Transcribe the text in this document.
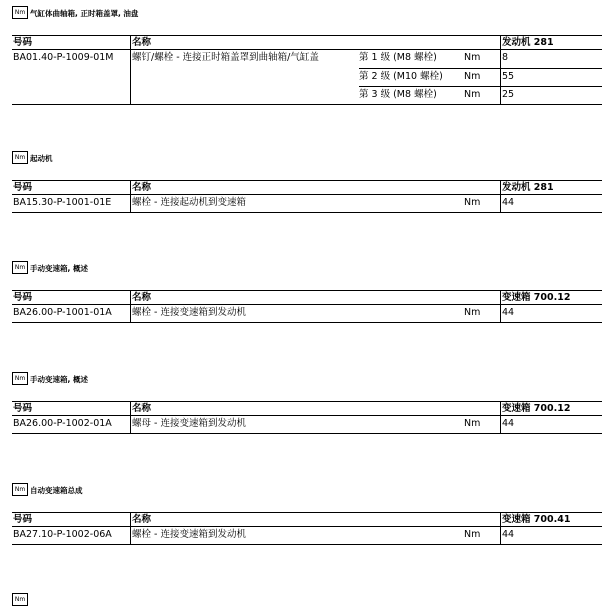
Nm 气缸体曲轴箱, 正时箱盖罩, 油盘
号码	名称	发动机 281
BA01.40-P-1009-01M 螺钉/螺栓 - 连接正时箱盖罩到曲轴箱/气缸盖	第 1 级 (M8 螺栓)	Nm 8
第 2 级 (M10 螺栓) Nm 55
第 3 级 (M8 螺栓)	Nm 25
Nm 起动机
号码	名称	发动机 281
BA15.30-P-1001-01E 螺栓 - 连接起动机到变速箱	Nm 44
Nm 手动变速箱, 概述
号码	名称	变速箱 700.12
BA26.00-P-1001-01A 螺栓 - 连接变速箱到发动机	Nm 44
Nm 手动变速箱, 概述
号码	名称	变速箱 700.12
BA26.00-P-1002-01A 螺母 - 连接变速箱到发动机	Nm 44
Nm 自动变速箱总成
号码	名称	变速箱 700.41
BA27.10-P-1002-06A 螺栓 - 连接变速箱到发动机	Nm 44
Nm
